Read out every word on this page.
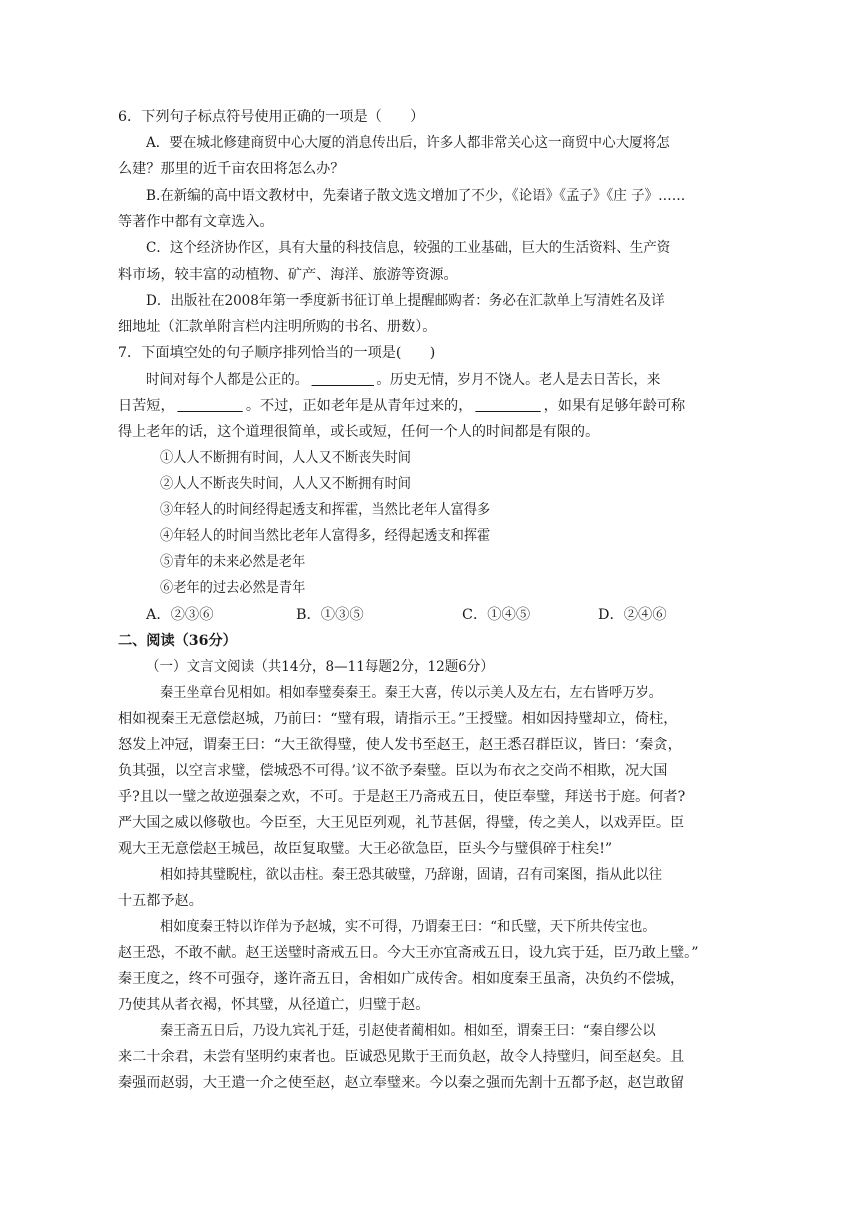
6．下列句子标点符号使用正确的一项是（　　）
A．要在城北修建商贸中心大厦的消息传出后，许多人都非常关心这一商贸中心大厦将怎
么建？那里的近千亩农田将怎么办？
B.在新编的高中语文教材中，先秦诸子散文选文增加了不少，《论语》《孟子》《庄 子》……
等著作中都有文章选入。
C．这个经济协作区，具有大量的科技信息，较强的工业基础，巨大的生活资料、生产资
料市场，较丰富的动植物、矿产、海洋、旅游等资源。
D．出版社在2008年第一季度新书征订单上提醒邮购者：务必在汇款单上写清姓名及详
细地址（汇款单附言栏内注明所购的书名、册数）。
7．下面填空处的句子顺序排列恰当的一项是(　　)
时间对每个人都是公正的。	。历史无情，岁月不饶人。老人是去日苦长，来
日苦短，	。不过，正如老年是从青年过来的，	，如果有足够年龄可称
得上老年的话，这个道理很简单，或长或短，任何一个人的时间都是有限的。
①人人不断拥有时间，人人又不断丧失时间
②人人不断丧失时间，人人又不断拥有时间
③年轻人的时间经得起透支和挥霍，当然比老年人富得多
④年轻人的时间当然比老年人富得多，经得起透支和挥霍
⑤青年的未来必然是老年
⑥老年的过去必然是青年
A．②③⑥	B．①③⑤	C．①④⑤	D．②④⑥
二、阅读（36分）
（一）文言文阅读（共14分，8—11每题2分，12题6分）
秦王坐章台见相如。相如奉璧奏秦王。秦王大喜，传以示美人及左右，左右皆呼万岁。
相如视秦王无意偿赵城，乃前曰：“璧有瑕，请指示王。”王授璧。相如因持璧却立，倚柱，
怒发上冲冠，谓秦王曰：“大王欲得璧，使人发书至赵王，赵王悉召群臣议，皆曰：‘秦贪，
负其强，以空言求璧，偿城恐不可得。’议不欲予秦璧。臣以为布衣之交尚不相欺，况大国
乎?且以一璧之故逆强秦之欢，不可。于是赵王乃斋戒五日，使臣奉璧，拜送书于庭。何者?
严大国之威以修敬也。今臣至，大王见臣列观，礼节甚倨，得璧，传之美人，以戏弄臣。臣
观大王无意偿赵王城邑，故臣复取璧。大王必欲急臣，臣头今与璧俱碎于柱矣!”
相如持其璧睨柱，欲以击柱。秦王恐其破璧，乃辞谢，固请，召有司案图，指从此以往
十五都予赵。
相如度秦王特以诈佯为予赵城，实不可得，乃谓秦王曰：“和氏璧，天下所共传宝也。
赵王恐，不敢不献。赵王送璧时斋戒五日。今大王亦宜斋戒五日，设九宾于廷，臣乃敢上璧。”
秦王度之，终不可强夺，遂许斋五日，舍相如广成传舍。相如度秦王虽斋，决负约不偿城，
乃使其从者衣褐，怀其璧，从径道亡，归璧于赵。
秦王斋五日后，乃设九宾礼于廷，引赵使者蔺相如。相如至，谓秦王曰：“秦自缪公以
来二十余君，未尝有坚明约束者也。臣诚恐见欺于王而负赵，故令人持璧归，间至赵矣。且
秦强而赵弱，大王遣一介之使至赵，赵立奉璧来。今以秦之强而先割十五都予赵，赵岂敢留
